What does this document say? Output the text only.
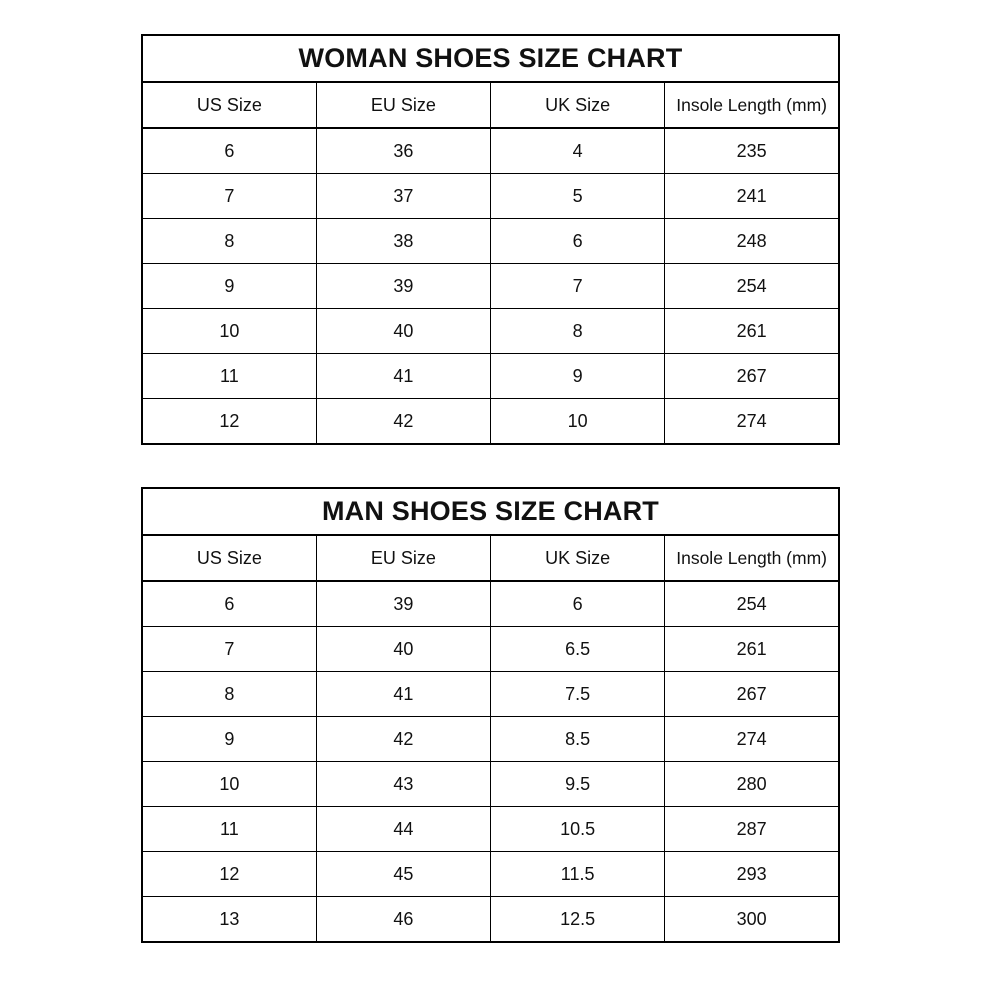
WOMAN SHOES SIZE CHART			
US Size	EU Size	UK Size	Insole Length (mm)
6	36	4	235
7	37	5	241
8	38	6	248
9	39	7	254
10	40	8	261
11	41	9	267
12	42	10	274
MAN SHOES SIZE CHART			
US Size	EU Size	UK Size	Insole Length (mm)
6	39	6	254
7	40	6.5	261
8	41	7.5	267
9	42	8.5	274
10	43	9.5	280
11	44	10.5	287
12	45	11.5	293
13	46	12.5	300
